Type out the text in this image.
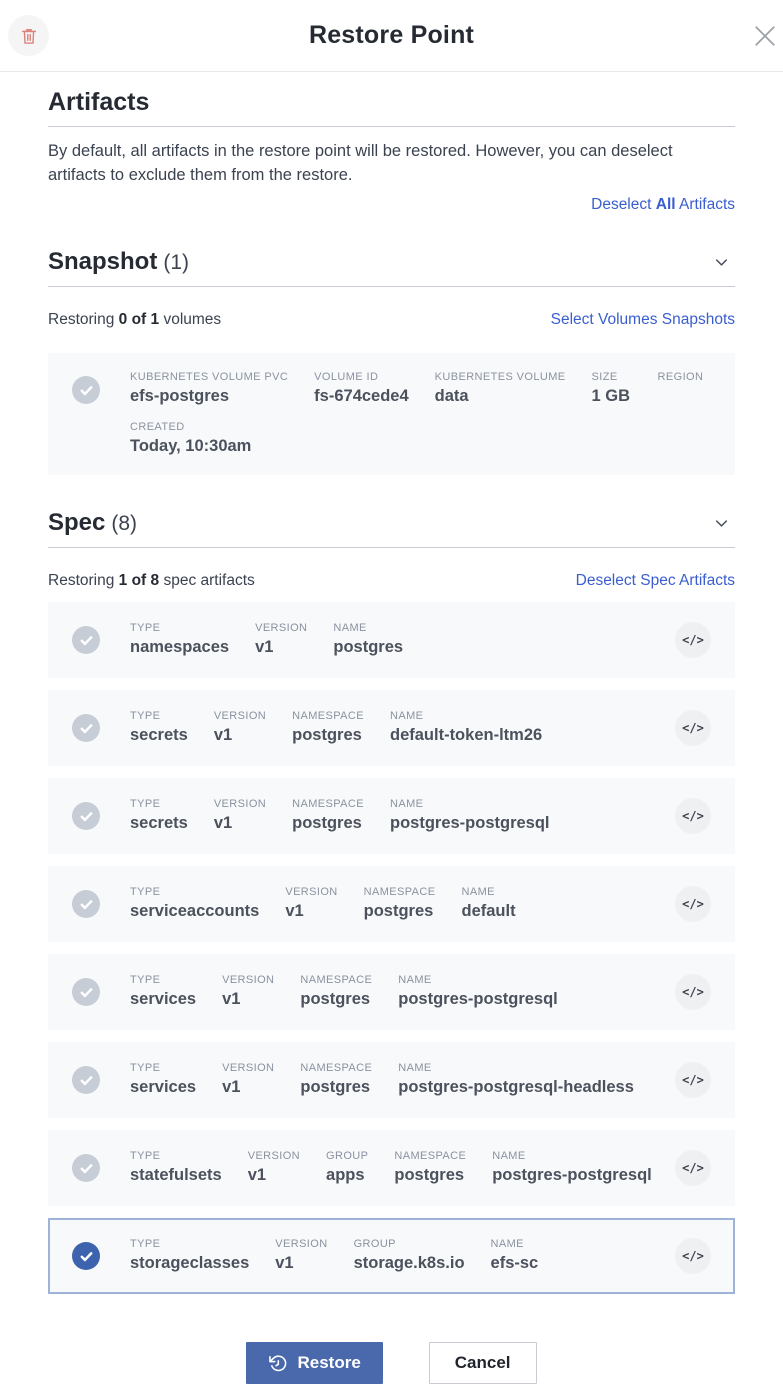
Restore Point
Artifacts

By default, all artifacts in the restore point will be restored. However, you can deselect artifacts to exclude them from the restore.

Deselect All Artifacts
Snapshot (1)
Restoring 0 of 1 volumes	Select Volumes Snapshots
KUBERNETES VOLUME PVC
efs-postgres
VOLUME ID
fs-674cede4
KUBERNETES VOLUME
data
SIZE
1 GB
REGION
CREATED
Today, 10:30am
Spec (8)
Restoring 1 of 8 spec artifacts	Deselect Spec Artifacts
TYPE
namespaces
VERSION
v1
NAME
postgres	</>
TYPE
secrets
VERSION
v1
NAMESPACE
postgres
NAME
default-token-ltm26	</>
TYPE
secrets
VERSION
v1
NAMESPACE
postgres
NAME
postgres-postgresql	</>
TYPE
serviceaccounts
VERSION
v1
NAMESPACE
postgres
NAME
default	</>
TYPE
services
VERSION
v1
NAMESPACE
postgres
NAME
postgres-postgresql	</>
TYPE
services
VERSION
v1
NAMESPACE
postgres
NAME
postgres-postgresql-headless	</>
TYPE
statefulsets
VERSION
v1
GROUP
apps
NAMESPACE
postgres
NAME
postgres-postgresql	</>
TYPE
storageclasses
VERSION
v1
GROUP
storage.k8s.io
NAME
efs-sc	</>
Restore	Cancel
